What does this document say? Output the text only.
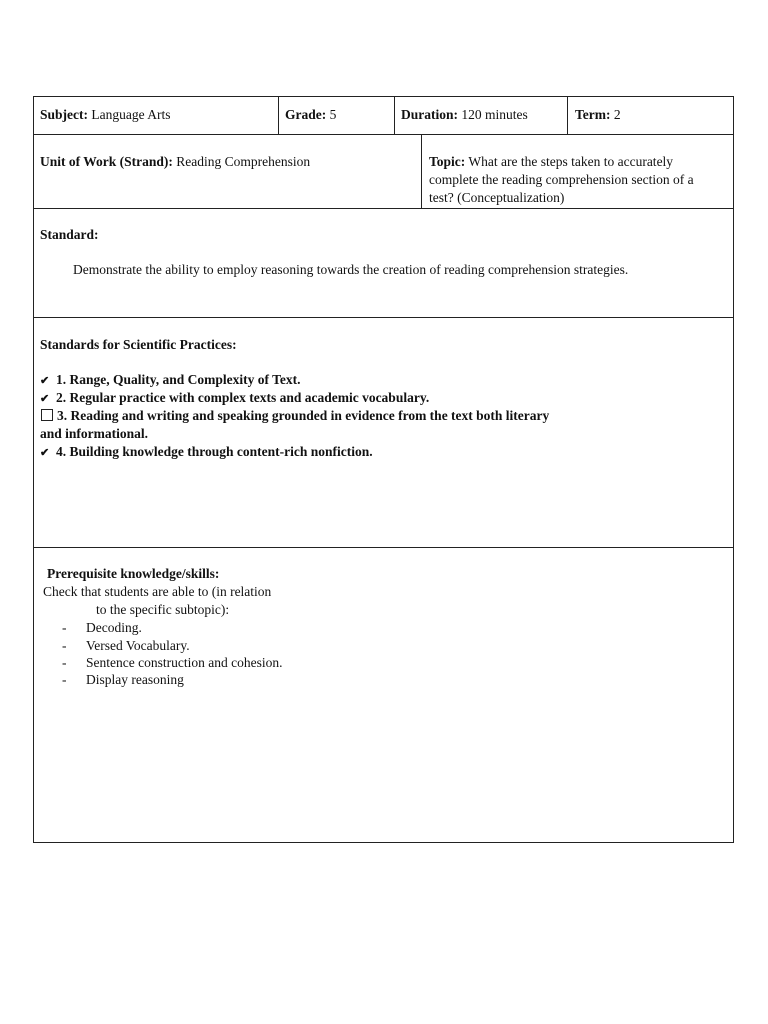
Subject: Language Arts	Grade: 5	Duration: 120 minutes	Term: 2
Unit of Work (Strand): Reading Comprehension	Topic: What are the steps taken to accurately
complete the reading comprehension section of a
test? (Conceptualization)
Standard:
Demonstrate the ability to employ reasoning towards the creation of reading comprehension strategies.
Standards for Scientific Practices:
✔ 1. Range, Quality, and Complexity of Text.
✔ 2. Regular practice with complex texts and academic vocabulary.
3. Reading and writing and speaking grounded in evidence from the text both literary
and informational.
✔ 4. Building knowledge through content-rich nonfiction.
Prerequisite knowledge/skills:
Check that students are able to (in relation
to the specific subtopic):
- Decoding.
- Versed Vocabulary.
- Sentence construction and cohesion.
- Display reasoning
